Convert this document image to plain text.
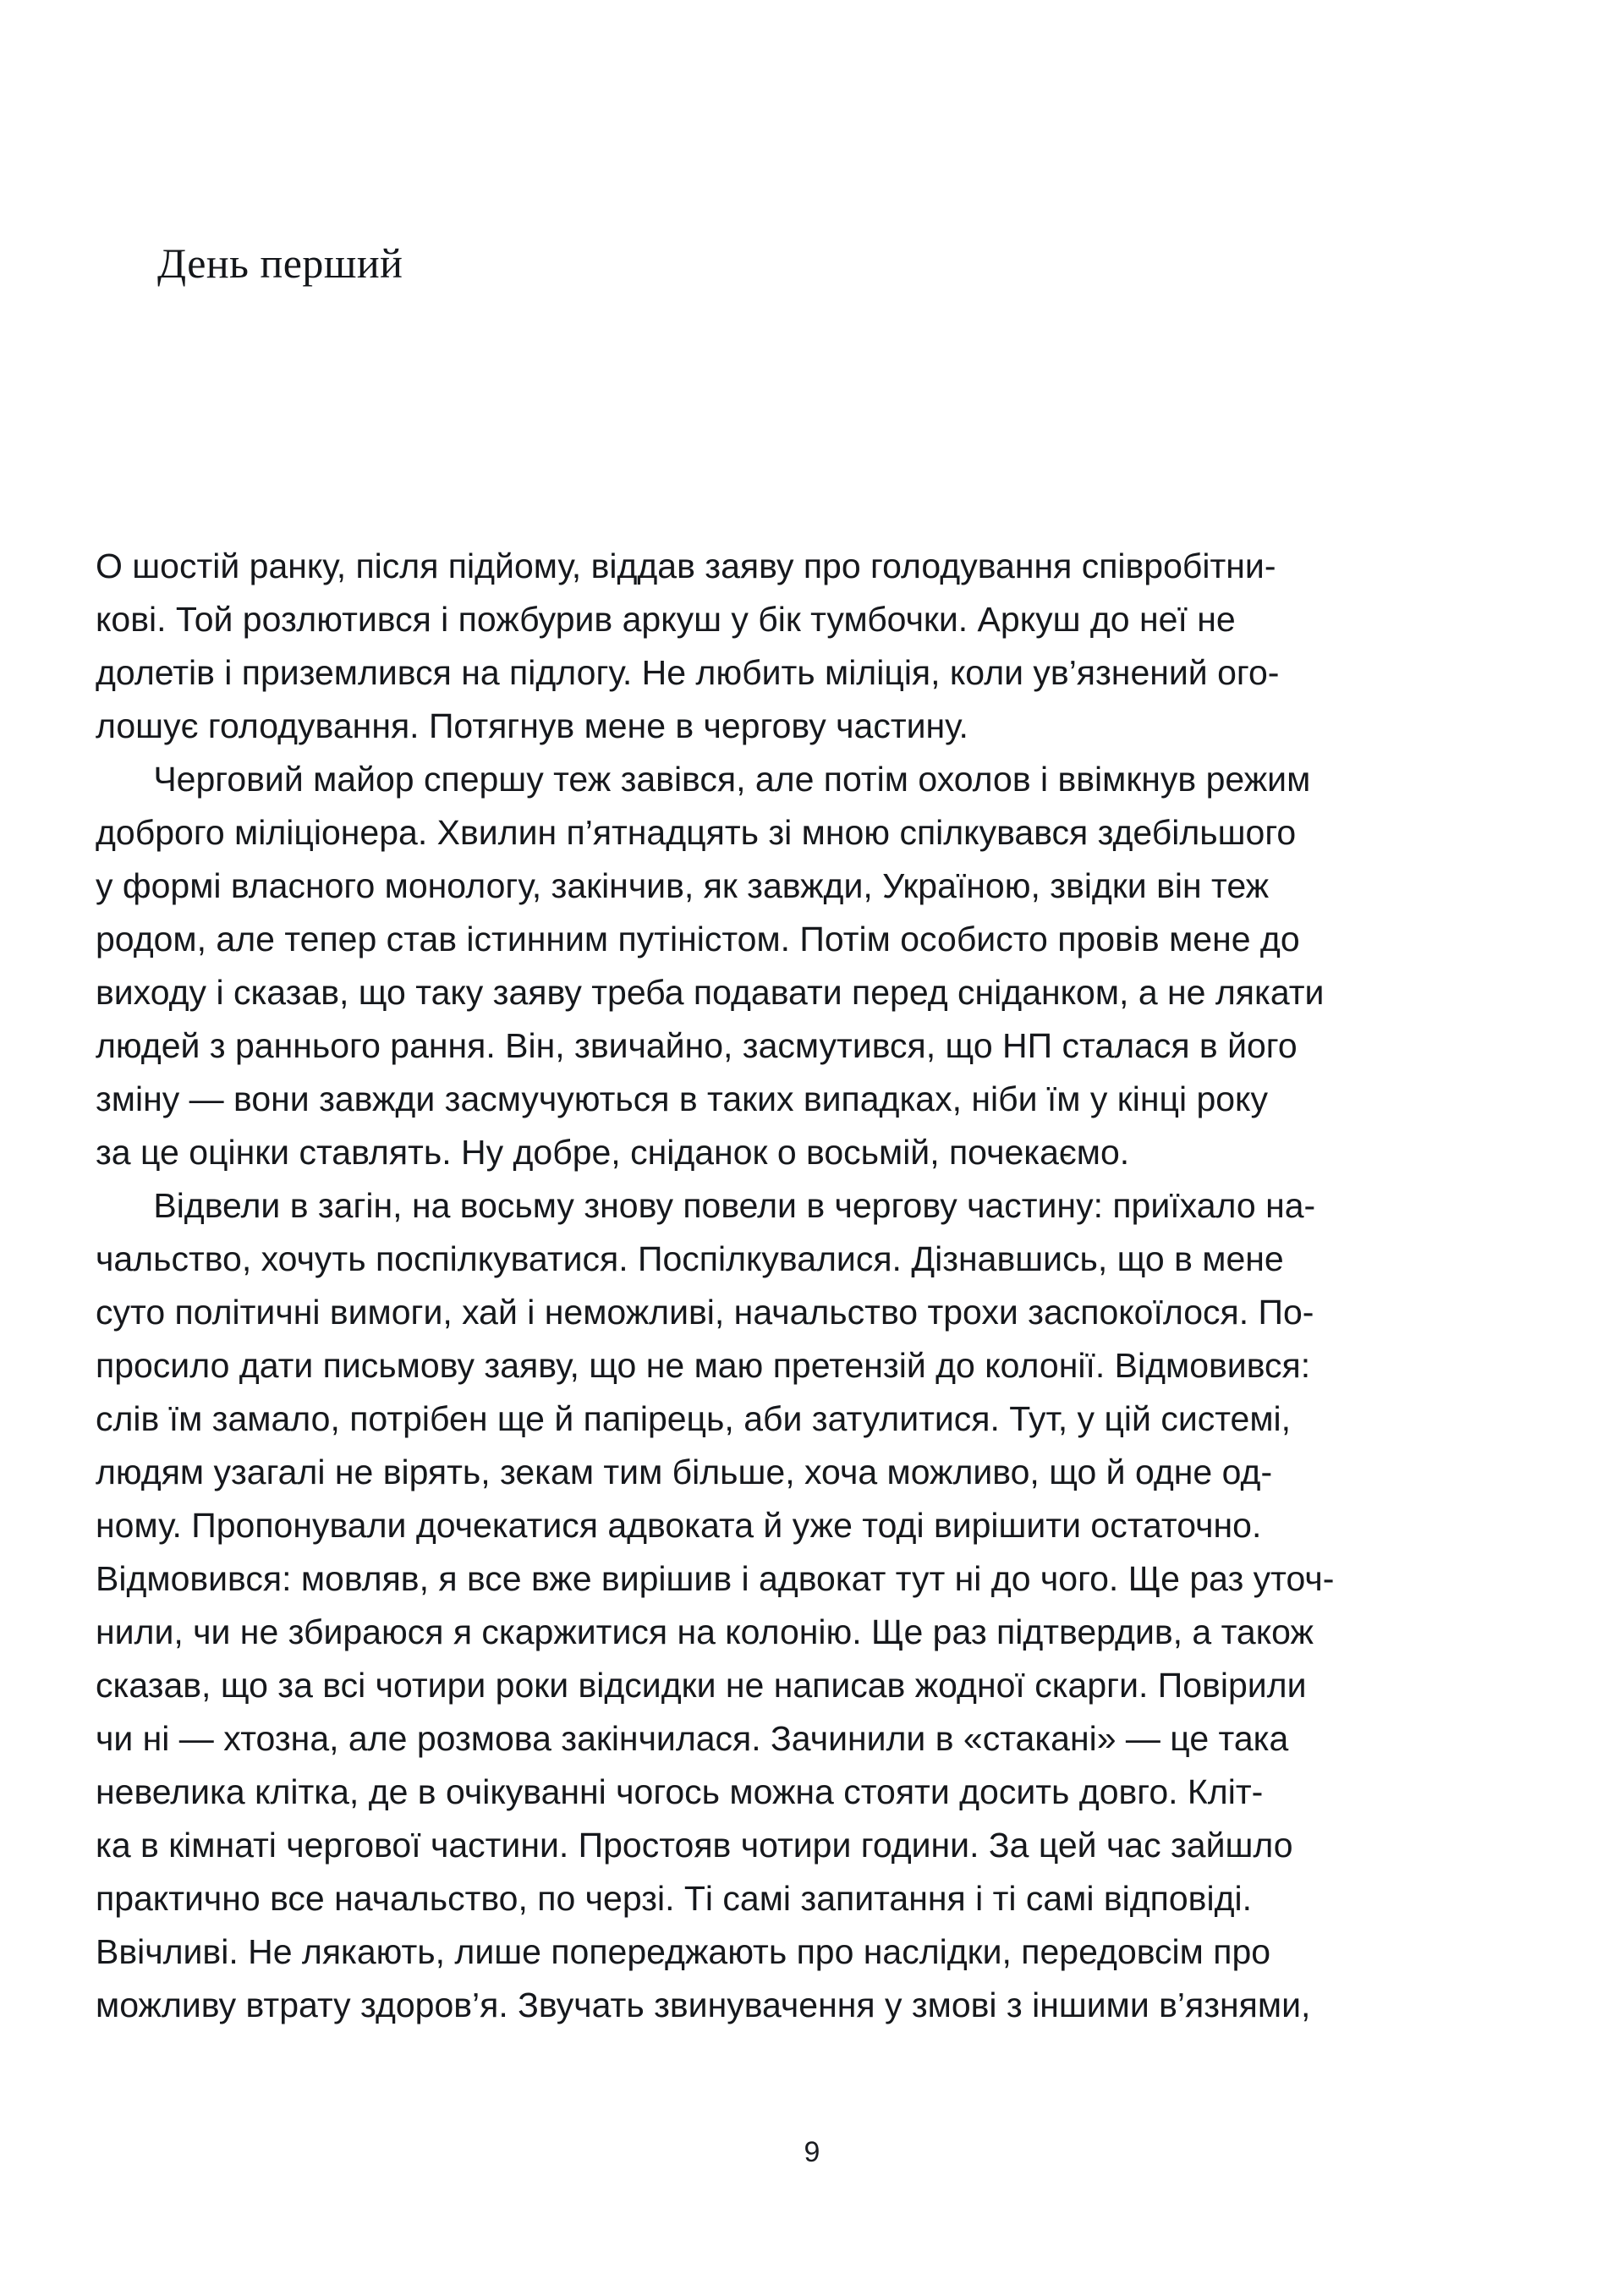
День перший
О шостій ранку, після підйому, віддав заяву про голодування співробітни-
кові. Той розлютився і пожбурив аркуш у бік тумбочки. Аркуш до неї не
долетів і приземлився на підлогу. Не любить міліція, коли ув’язнений ого-
лошує голодування. Потягнув мене в чергову частину.
Черговий майор спершу теж завівся, але потім охолов і ввімкнув режим
доброго міліціонера. Хвилин п’ятнадцять зі мною спілкувався здебільшого
у формі власного монологу, закінчив, як завжди, Україною, звідки він теж
родом, але тепер став істинним путіністом. Потім особисто провів мене до
виходу і сказав, що таку заяву треба подавати перед сніданком, а не лякати
людей з раннього рання. Він, звичайно, засмутився, що НП сталася в його
зміну — вони завжди засмучуються в таких випадках, ніби їм у кінці року
за це оцінки ставлять. Ну добре, сніданок о восьмій, почекаємо.
Відвели в загін, на восьму знову повели в чергову частину: приїхало на-
чальство, хочуть поспілкуватися. Поспілкувалися. Дізнавшись, що в мене
суто політичні вимоги, хай і неможливі, начальство трохи заспокоїлося. По-
просило дати письмову заяву, що не маю претензій до колонії. Відмовився:
слів їм замало, потрібен ще й папірець, аби затулитися. Тут, у цій системі,
людям узагалі не вірять, зекам тим більше, хоча можливо, що й одне од-
ному. Пропонували дочекатися адвоката й уже тоді вирішити остаточно.
Відмовився: мовляв, я все вже вирішив і адвокат тут ні до чого. Ще раз уточ-
нили, чи не збираюся я скаржитися на колонію. Ще раз підтвердив, а також
сказав, що за всі чотири роки відсидки не написав жодної скарги. Повірили
чи ні — хтозна, але розмова закінчилася. Зачинили в «стакані» — це така
невелика клітка, де в очікуванні чогось можна стояти досить довго. Кліт-
ка в кімнаті чергової частини. Простояв чотири години. За цей час зайшло
практично все начальство, по черзі. Ті самі запитання і ті самі відповіді.
Ввічливі. Не лякають, лише попереджають про наслідки, передовсім про
можливу втрату здоров’я. Звучать звинувачення у змові з іншими в’язнями,
9
